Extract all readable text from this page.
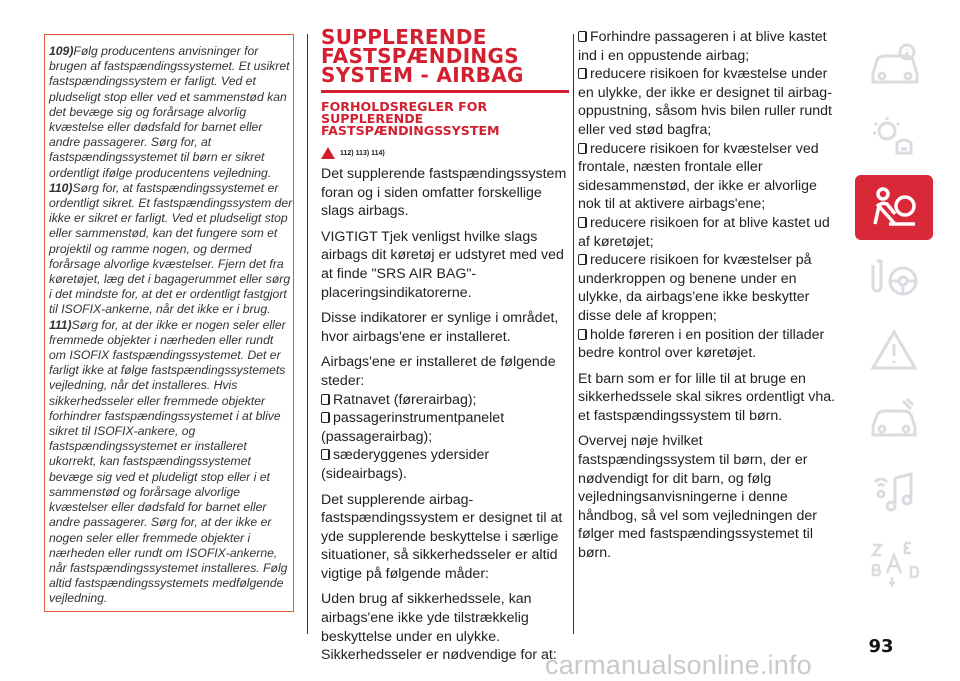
109)Følg producentens anvisninger for brugen af fastspændingssystemet. Et usikret fastspændingssystem er farligt. Ved et pludseligt stop eller ved et sammenstød kan det bevæge sig og forårsage alvorlig kvæstelse eller dødsfald for barnet eller andre passagerer. Sørg for, at fastspændingssystemet til børn er sikret ordentligt ifølge producentens vejledning.

110)Sørg for, at fastspændingssystemet er ordentligt sikret. Et fastspændingssystem der ikke er sikret er farligt. Ved et pludseligt stop eller sammenstød, kan det fungere som et projektil og ramme nogen, og dermed forårsage alvorlige kvæstelser. Fjern det fra køretøjet, læg det i bagagerummet eller sørg i det mindste for, at det er ordentligt fastgjort til ISOFIX-ankerne, når det ikke er i brug.

111)Sørg for, at der ikke er nogen seler eller fremmede objekter i nærheden eller rundt om ISOFIX fastspændingssystemet. Det er farligt ikke at følge fastspændingssystemets vejledning, når det installeres. Hvis sikkerhedsseler eller fremmede objekter forhindrer fastspændingssystemet i at blive sikret til ISOFIX-ankere, og fastspændingssystemet er installeret ukorrekt, kan fastspændingssystemet bevæge sig ved et pludeligt stop eller i et sammenstød og forårsage alvorlige kvæstelser eller dødsfald for barnet eller andre passagerer. Sørg for, at der ikke er nogen seler eller fremmede objekter i nærheden eller rundt om ISOFIX-ankerne, når fastspændingssystemet installeres. Følg altid fastspændingssystemets medfølgende vejledning.

SUPPLERENDE FASTSPÆNDINGS SYSTEM - AIRBAG
FORHOLDSREGLER FOR SUPPLERENDE FASTSPÆNDINGSSYSTEM
112) 113) 114)

Det supplerende fastspændingssystem foran og i siden omfatter forskellige slags airbags.

VIGTIGT Tjek venligst hvilke slags airbags dit køretøj er udstyret med ved at finde "SRS AIR BAG"-placeringsindikatorerne.

Disse indikatorer er synlige i området, hvor airbags'ene er installeret.

Airbags'ene er installeret de følgende steder:

Ratnavet (førerairbag);
passagerinstrumentpanelet (passagerairbag);
sæderyggenes ydersider (sideairbags).

Det supplerende airbag-fastspændingssystem er designet til at yde supplerende beskyttelse i særlige situationer, så sikkerhedsseler er altid vigtige på følgende måder:

Uden brug af sikkerhedssele, kan airbags'ene ikke yde tilstrækkelig beskyttelse under en ulykke.

Sikkerhedsseler er nødvendige for at:

Forhindre passageren i at blive kastet ind i en oppustende airbag;
reducere risikoen for kvæstelse under en ulykke, der ikke er designet til airbag-oppustning, såsom hvis bilen ruller rundt eller ved stød bagfra;
reducere risikoen for kvæstelser ved frontale, næsten frontale eller sidesammenstød, der ikke er alvorlige nok til at aktivere airbags'ene;
reducere risikoen for at blive kastet ud af køretøjet;
reducere risikoen for kvæstelser på underkroppen og benene under en ulykke, da airbags'ene ikke beskytter disse dele af kroppen;
holde føreren i en position der tillader bedre kontrol over køretøjet.

Et barn som er for lille til at bruge en sikkerhedssele skal sikres ordentligt vha. et fastspændingssystem til børn.

Overvej nøje hvilket fastspændingssystem til børn, der er nødvendigt for dit barn, og følg vejledningsanvisningerne i denne håndbog, så vel som vejledningen der følger med fastspændingssystemet til børn.

93
carmanualsonline.info
